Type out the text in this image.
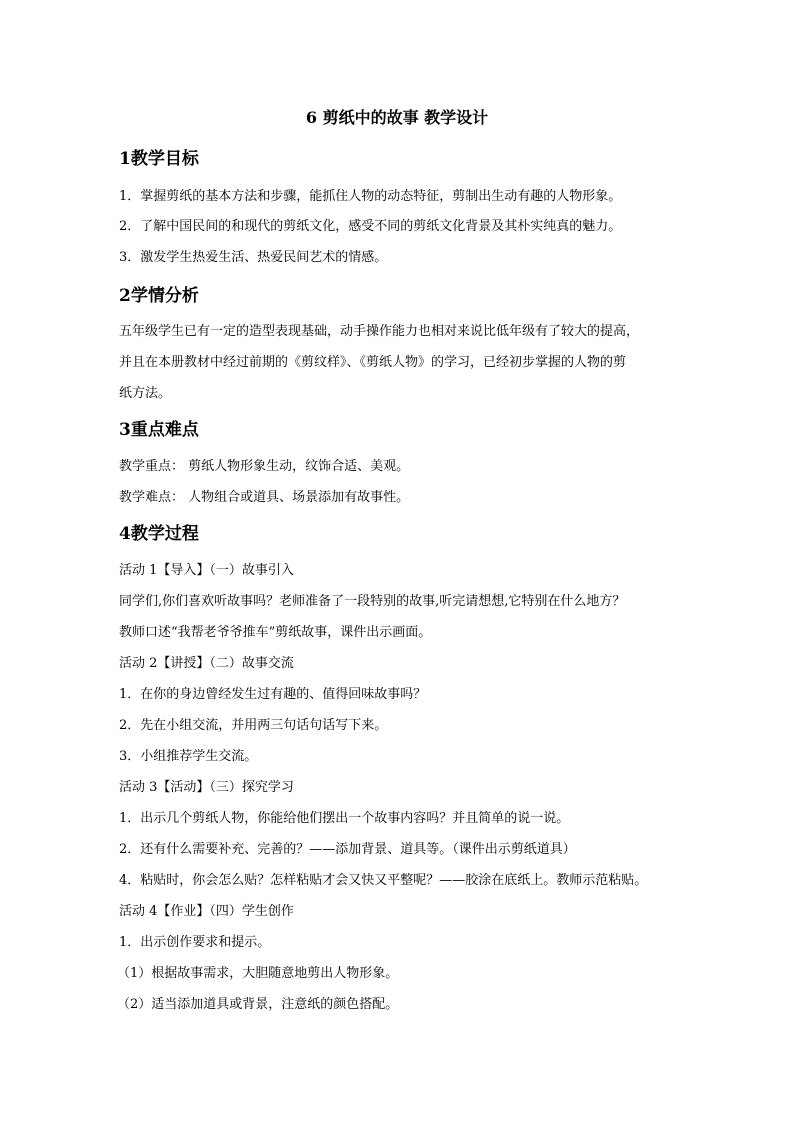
6 剪纸中的故事 教学设计
1教学目标
1．掌握剪纸的基本方法和步骤，能抓住人物的动态特征，剪制出生动有趣的人物形象。
2．了解中国民间的和现代的剪纸文化，感受不同的剪纸文化背景及其朴实纯真的魅力。
3．激发学生热爱生活、热爱民间艺术的情感。
2学情分析
五年级学生已有一定的造型表现基础，动手操作能力也相对来说比低年级有了较大的提高，
并且在本册教材中经过前期的《剪纹样》、《剪纸人物》的学习，已经初步掌握的人物的剪
纸方法。
3重点难点
教学重点： 剪纸人物形象生动，纹饰合适、美观。
教学难点： 人物组合或道具、场景添加有故事性。
4教学过程
活动 1【导入】（一）故事引入
同学们,你们喜欢听故事吗？老师准备了一段特别的故事,听完请想想,它特别在什么地方？
教师口述“我帮老爷爷推车”剪纸故事，课件出示画面。
活动 2【讲授】（二）故事交流
1．在你的身边曾经发生过有趣的、值得回味故事吗？
2．先在小组交流，并用两三句话句话写下来。
3．小组推荐学生交流。
活动 3【活动】（三）探究学习
1．出示几个剪纸人物，你能给他们摆出一个故事内容吗？并且简单的说一说。
2．还有什么需要补充、完善的？——添加背景、道具等。（课件出示剪纸道具）
4．粘贴时，你会怎么贴？怎样粘贴才会又快又平整呢？——胶涂在底纸上。教师示范粘贴。
活动 4【作业】（四）学生创作
1．出示创作要求和提示。
（1）根据故事需求，大胆随意地剪出人物形象。
（2）适当添加道具或背景，注意纸的颜色搭配。
